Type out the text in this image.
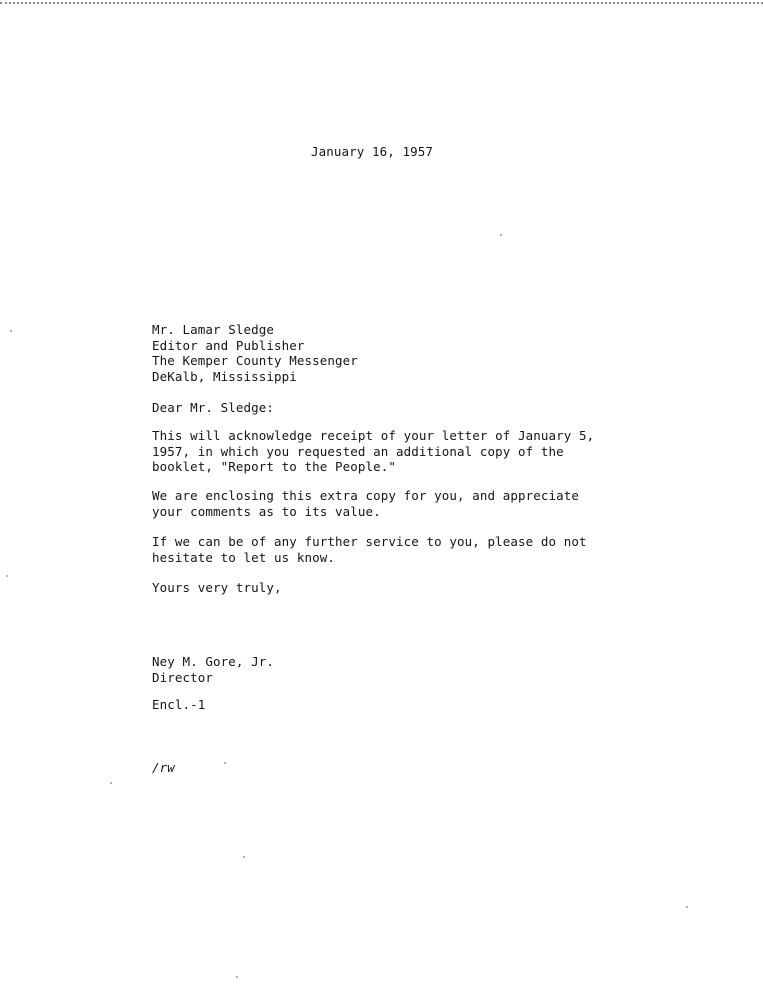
January 16, 1957
Mr. Lamar Sledge
Editor and Publisher
The Kemper County Messenger
DeKalb, Mississippi
Dear Mr. Sledge:
This will acknowledge receipt of your letter of January 5,
1957, in which you requested an additional copy of the
booklet, "Report to the People."
We are enclosing this extra copy for you, and appreciate
your comments as to its value.
If we can be of any further service to you, please do not
hesitate to let us know.
Yours very truly,
Ney M. Gore, Jr.
Director
Encl.-1
/rw
